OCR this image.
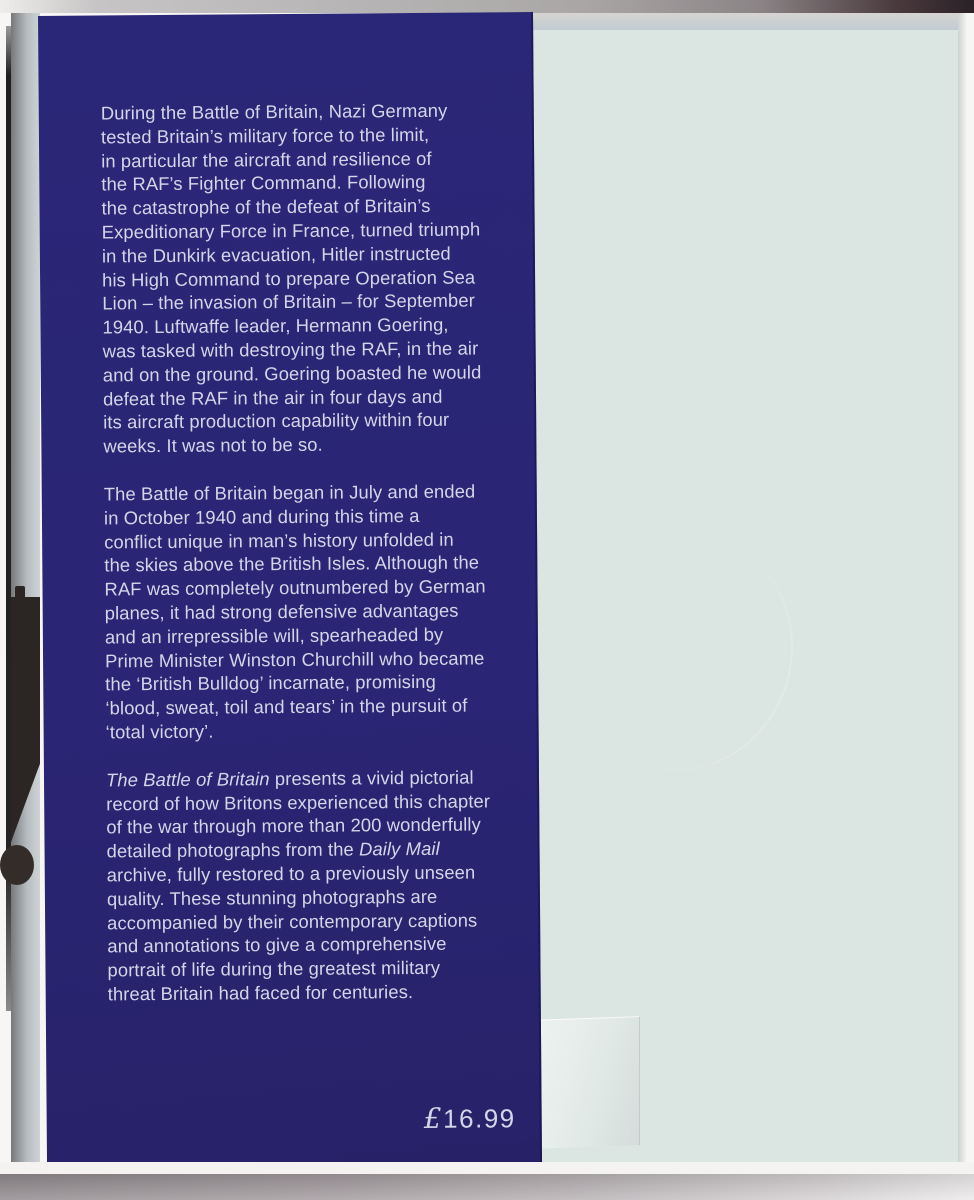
During the Battle of Britain, Nazi Germany
tested Britain’s military force to the limit,
in particular the aircraft and resilience of
the RAF’s Fighter Command. Following
the catastrophe of the defeat of Britain’s
Expeditionary Force in France, turned triumph
in the Dunkirk evacuation, Hitler instructed
his High Command to prepare Operation Sea
Lion – the invasion of Britain – for September
1940. Luftwaffe leader, Hermann Goering,
was tasked with destroying the RAF, in the air
and on the ground. Goering boasted he would
defeat the RAF in the air in four days and
its aircraft production capability within four
weeks. It was not to be so.
The Battle of Britain began in July and ended
in October 1940 and during this time a
conflict unique in man’s history unfolded in
the skies above the British Isles. Although the
RAF was completely outnumbered by German
planes, it had strong defensive advantages
and an irrepressible will, spearheaded by
Prime Minister Winston Churchill who became
the ‘British Bulldog’ incarnate, promising
‘blood, sweat, toil and tears’ in the pursuit of
‘total victory’.
The Battle of Britain presents a vivid pictorial
record of how Britons experienced this chapter
of the war through more than 200 wonderfully
detailed photographs from the Daily Mail
archive, fully restored to a previously unseen
quality. These stunning photographs are
accompanied by their contemporary captions
and annotations to give a comprehensive
portrait of life during the greatest military
threat Britain had faced for centuries.
£16.99
